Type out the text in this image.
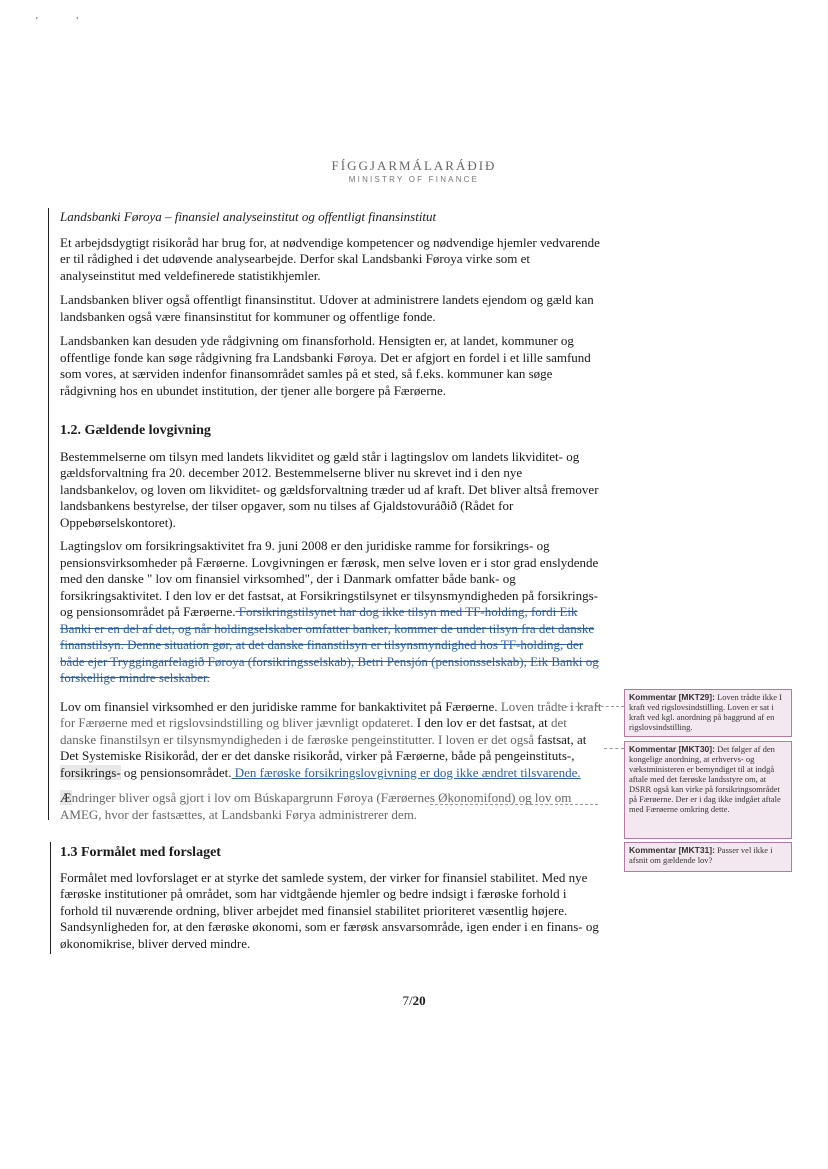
' '
FÍGGJARMÁLARÁÐIÐ
MINISTRY OF FINANCE

Landsbanki Føroya – finansiel analyseinstitut og offentligt finansinstitut

Et arbejdsdygtigt risikoråd har brug for, at nødvendige kompetencer og nødvendige hjemler vedvarende er til rådighed i det udøvende analysearbejde. Derfor skal Landsbanki Føroya virke som et analyseinstitut med veldefinerede statistikhjemler.

Landsbanken bliver også offentligt finansinstitut. Udover at administrere landets ejendom og gæld kan landsbanken også være finansinstitut for kommuner og offentlige fonde.

Landsbanken kan desuden yde rådgivning om finansforhold. Hensigten er, at landet, kommuner og offentlige fonde kan søge rådgivning fra Landsbanki Føroya. Det er afgjort en fordel i et lille samfund som vores, at særviden indenfor finansområdet samles på et sted, så f.eks. kommuner kan søge rådgivning hos en ubundet institution, der tjener alle borgere på Færøerne.

1.2. Gældende lovgivning

Bestemmelserne om tilsyn med landets likviditet og gæld står i lagtingslov om landets likviditet- og gældsforvaltning fra 20. december 2012. Bestemmelserne bliver nu skrevet ind i den nye landsbankelov, og loven om likviditet- og gældsforvaltning træder ud af kraft. Det bliver altså fremover landsbankens bestyrelse, der tilser opgaver, som nu tilses af Gjaldstovuráðið (Rådet for Oppebørselskontoret).

Lagtingslov om forsikringsaktivitet fra 9. juni 2008 er den juridiske ramme for forsikrings- og pensionsvirksomheder på Færøerne. Lovgivningen er færøsk, men selve loven er i stor grad enslydende med den danske " lov om finansiel virksomhed", der i Danmark omfatter både bank- og forsikringsaktivitet. I den lov er det fastsat, at Forsikringstilsynet er tilsynsmyndigheden på forsikrings- og pensionsområdet på Færøerne. Forsikringstilsynet har dog ikke tilsyn med TF-holding, fordi Eik Banki er en del af det, og når holdingselskaber omfatter banker, kommer de under tilsyn fra det danske finanstilsyn. Denne situation gør, at det danske finanstilsyn er tilsynsmyndighed hos TF-holding, der både ejer Tryggingarfelagið Føroya (forsikringsselskab), Betri Pensjón (pensionsselskab), Eik Banki og forskellige mindre selskaber.

Lov om finansiel virksomhed er den juridiske ramme for bankaktivitet på Færøerne. Loven trådte i kraft for Færøerne med et rigslovsindstilling og bliver jævnligt opdateret. I den lov er det fastsat, at det danske finanstilsyn er tilsynsmyndigheden i de færøske pengeinstitutter. I loven er det også fastsat, at Det Systemiske Risikoråd, der er det danske risikoråd, virker på Færøerne, både på pengeinstituts-, forsikrings- og pensionsområdet. Den færøske forsikringslovgivning er dog ikke ændret tilsvarende.

Ændringer bliver også gjort i lov om Búskapargrunn Føroya (Færøernes Økonomifond) og lov om AMEG, hvor der fastsættes, at Landsbanki Førya administrerer dem.

1.3 Formålet med forslaget

Formålet med lovforslaget er at styrke det samlede system, der virker for finansiel stabilitet. Med nye færøske institutioner på området, som har vidtgående hjemler og bedre indsigt i færøske forhold i forhold til nuværende ordning, bliver arbejdet med finansiel stabilitet prioriteret væsentlig højere. Sandsynligheden for, at den færøske økonomi, som er færøsk ansvarsområde, igen ender i en finans- og økonomikrise, bliver derved mindre.

Kommentar [MKT29]: Loven trådte ikke I kraft ved rigslovsindstilling. Loven er sat i kraft ved kgl. anordning på baggrund af en rigslovsindstilling.
Kommentar [MKT30]: Det følger af den kongelige anordning, at erhvervs- og vækstministeren er bemyndiget til at indgå aftale med det færøske landsstyre om, at DSRR også kan virke på forsikringsområdet på Færøerne. Der er i dag ikke indgået aftale med Færøerne omkring dette.
Kommentar [MKT31]: Passer vel ikke i afsnit om gældende lov?
7/20
